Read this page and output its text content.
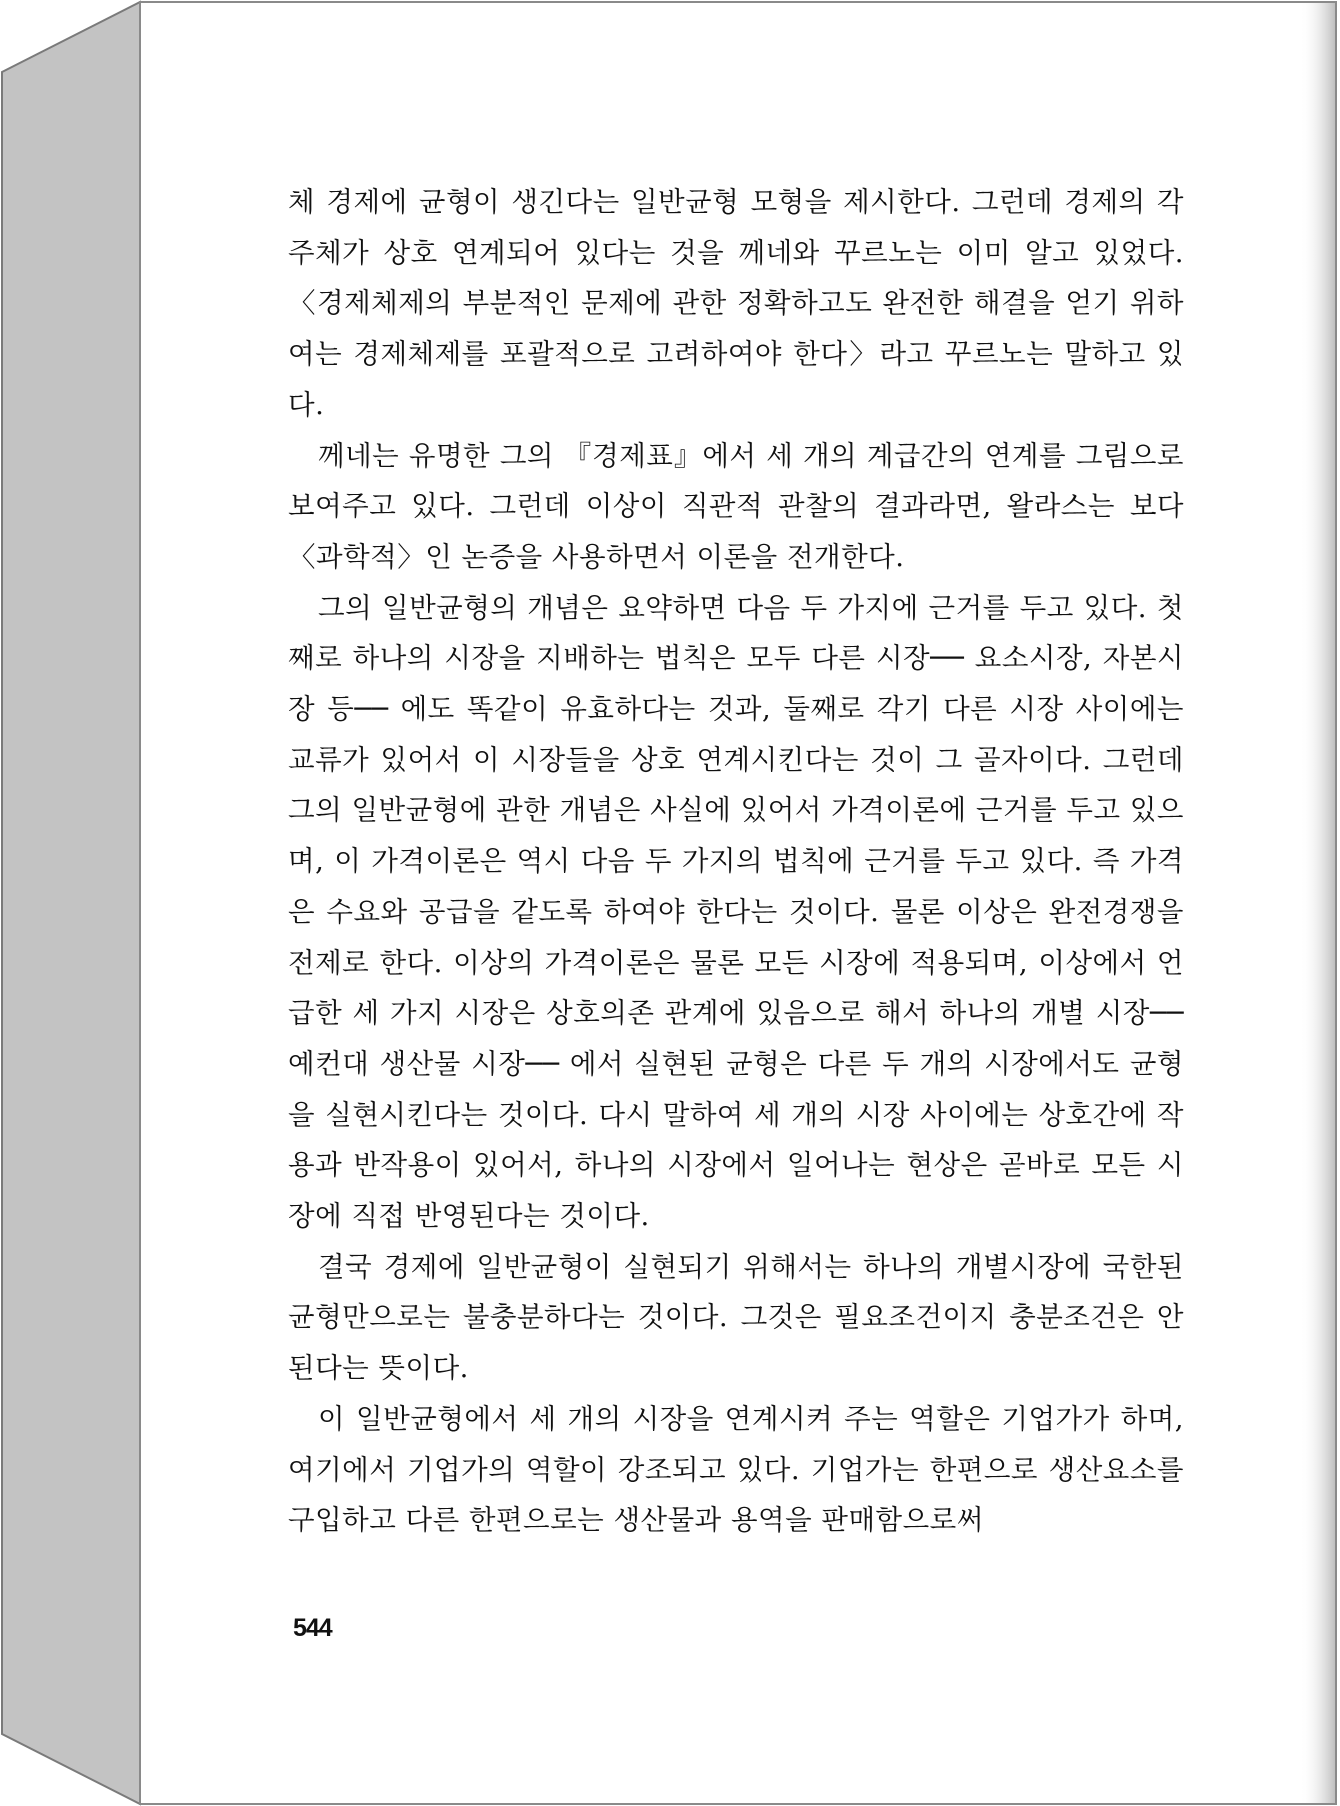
체 경제에 균형이 생긴다는 일반균형 모형을 제시한다. 그런데 경제의 각 주체가 상호 연계되어 있다는 것을 께네와 꾸르노는 이미 알고 있었다. 〈경제체제의 부분적인 문제에 관한 정확하고도 완전한 해결을 얻기 위하여는 경제체제를 포괄적으로 고려하여야 한다〉라고 꾸르노는 말하고 있다.

께네는 유명한 그의 『경제표』에서 세 개의 계급간의 연계를 그림으로 보여주고 있다. 그런데 이상이 직관적 관찰의 결과라면, 왈라스는 보다 〈과학적〉인 논증을 사용하면서 이론을 전개한다.

그의 일반균형의 개념은 요약하면 다음 두 가지에 근거를 두고 있다. 첫째로 하나의 시장을 지배하는 법칙은 모두 다른 시장── 요소시장, 자본시장 등── 에도 똑같이 유효하다는 것과, 둘째로 각기 다른 시장 사이에는 교류가 있어서 이 시장들을 상호 연계시킨다는 것이 그 골자이다. 그런데 그의 일반균형에 관한 개념은 사실에 있어서 가격이론에 근거를 두고 있으며, 이 가격이론은 역시 다음 두 가지의 법칙에 근거를 두고 있다. 즉 가격은 수요와 공급을 같도록 하여야 한다는 것이다. 물론 이상은 완전경쟁을 전제로 한다. 이상의 가격이론은 물론 모든 시장에 적용되며, 이상에서 언급한 세 가지 시장은 상호의존 관계에 있음으로 해서 하나의 개별 시장── 예컨대 생산물 시장── 에서 실현된 균형은 다른 두 개의 시장에서도 균형을 실현시킨다는 것이다. 다시 말하여 세 개의 시장 사이에는 상호간에 작용과 반작용이 있어서, 하나의 시장에서 일어나는 현상은 곧바로 모든 시장에 직접 반영된다는 것이다.

결국 경제에 일반균형이 실현되기 위해서는 하나의 개별시장에 국한된 균형만으로는 불충분하다는 것이다. 그것은 필요조건이지 충분조건은 안 된다는 뜻이다.

이 일반균형에서 세 개의 시장을 연계시켜 주는 역할은 기업가가 하며, 여기에서 기업가의 역할이 강조되고 있다. 기업가는 한편으로 생산요소를 구입하고 다른 한편으로는 생산물과 용역을 판매함으로써

544
